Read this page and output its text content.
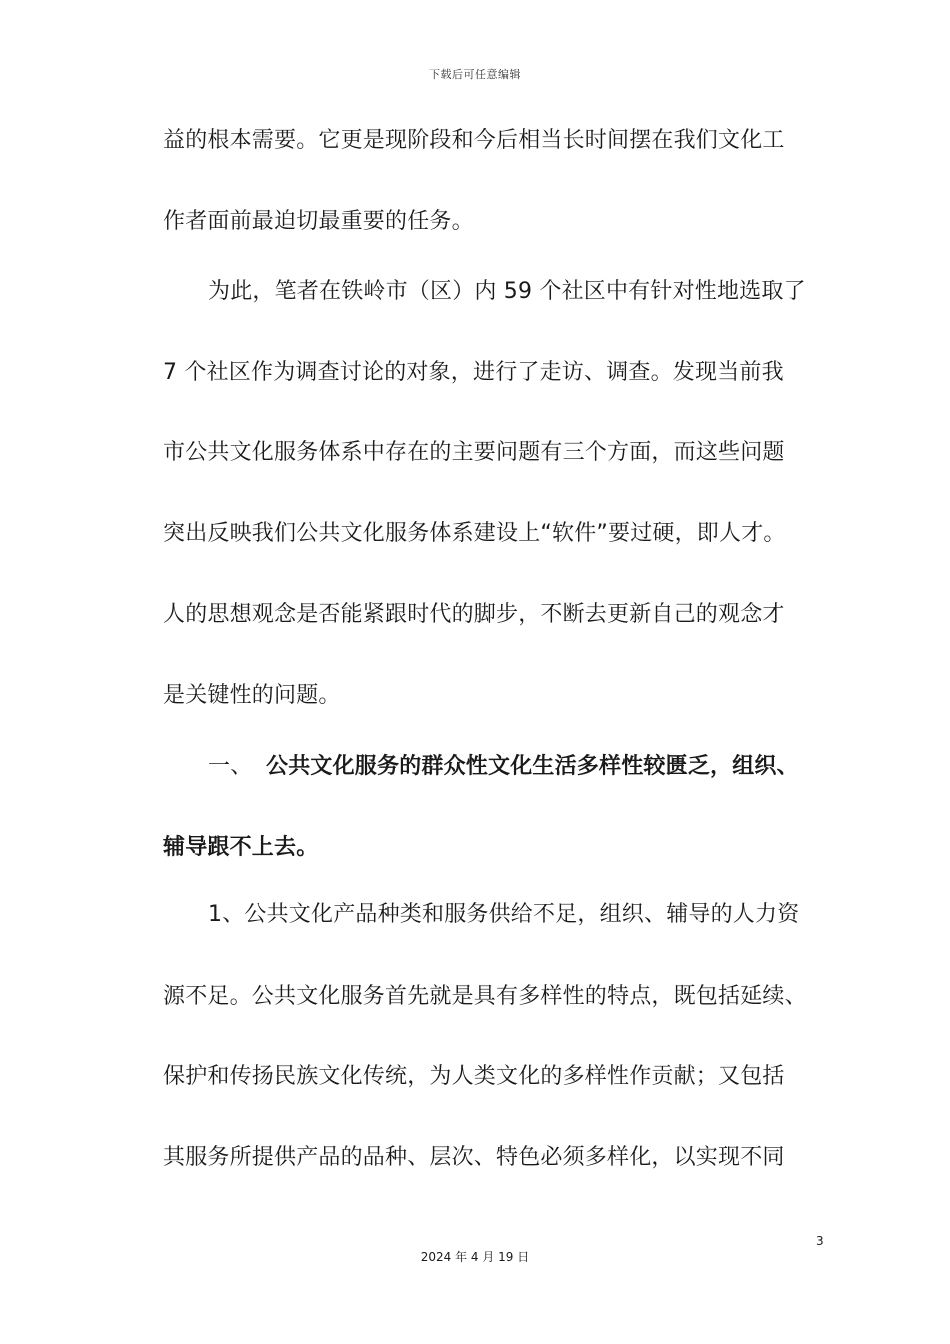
下载后可任意编辑
益的根本需要。它更是现阶段和今后相当长时间摆在我们文化工
作者面前最迫切最重要的任务。
为此，笔者在铁岭市（区）内 59 个社区中有针对性地选取了
7 个社区作为调查讨论的对象，进行了走访、调查。发现当前我
市公共文化服务体系中存在的主要问题有三个方面，而这些问题
突出反映我们公共文化服务体系建设上“软件”要过硬，即人才。
人的思想观念是否能紧跟时代的脚步，不断去更新自己的观念才
是关键性的问题。
一、 公共文化服务的群众性文化生活多样性较匮乏，组织、
辅导跟不上去。
1、公共文化产品种类和服务供给不足，组织、辅导的人力资
源不足。公共文化服务首先就是具有多样性的特点，既包括延续、
保护和传扬民族文化传统，为人类文化的多样性作贡献；又包括
其服务所提供产品的品种、层次、特色必须多样化，以实现不同
3
2024 年 4 月 19 日
